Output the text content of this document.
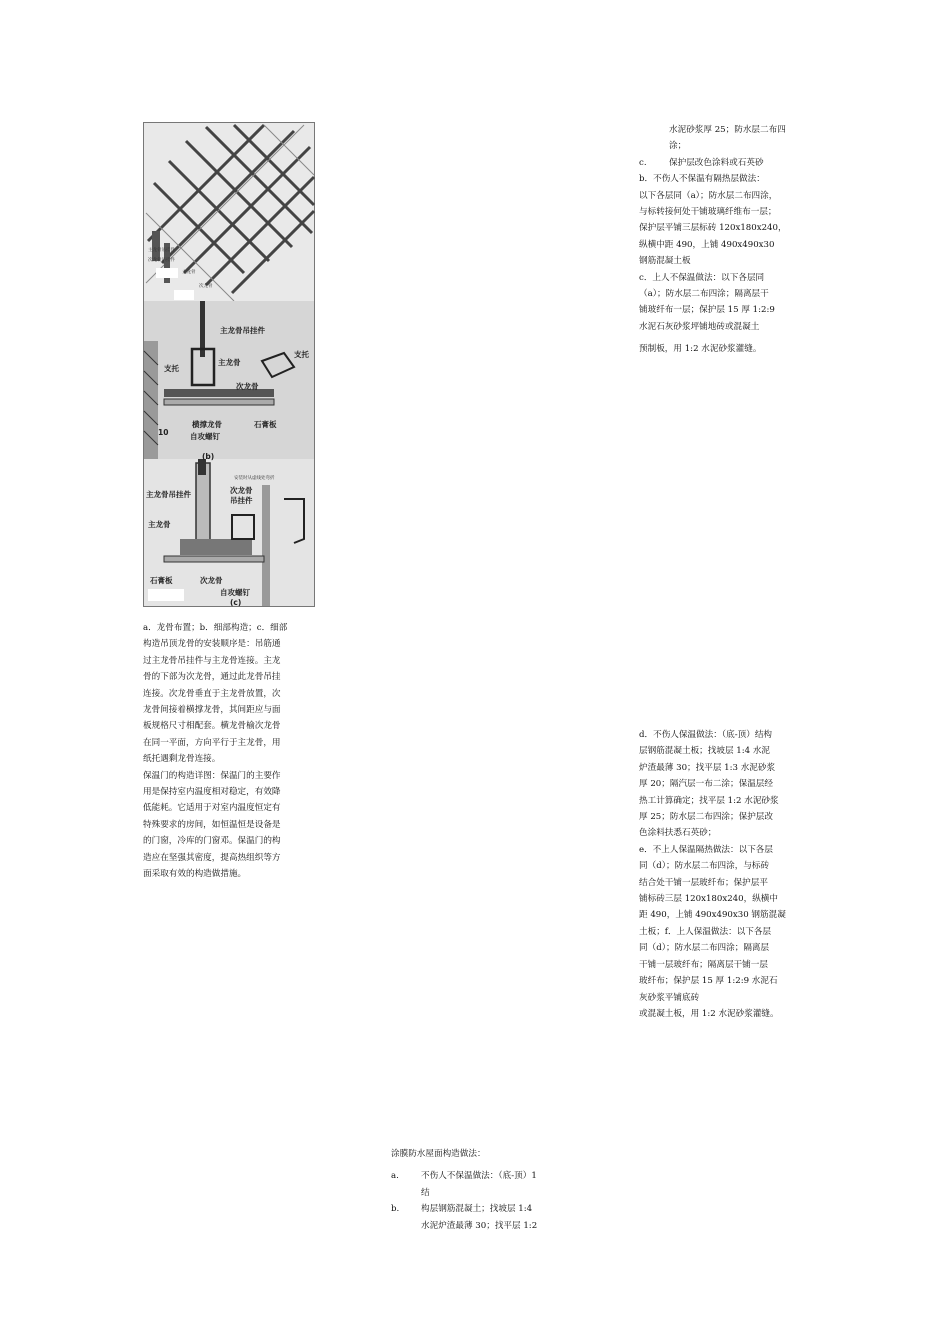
主龙骨吊挂件
次龙骨吊挂件
主龙骨
次龙骨
主龙骨吊挂件
主龙骨
支托
次龙骨
横撑龙骨
自攻螺钉
石膏板
支托
10
(b)
安装时从虚线处弯折
主龙骨吊挂件	次龙骨
吊挂件
主龙骨
石膏板	次龙骨
自攻螺钉
(c)
a．龙骨布置；b．细部构造；c．细部
构造吊顶龙骨的安装顺序是：吊筋通
过主龙骨吊挂件与主龙骨连接。主龙
骨的下部为次龙骨，通过此龙骨吊挂
连接。次龙骨垂直于主龙骨放置，次
龙骨间接着横撑龙骨，其间距应与面
板规格尺寸相配套。横龙骨榆次龙骨
在同一平面，方向平行于主龙骨，用
纸托遇剩龙骨连接。
保温门的构造详图：保温门的主要作
用是保持室内温度相对稳定，有效降
低能耗。它适用于对室内温度恒定有
特殊要求的房间，如恒温恒是设备是
的门窗，冷库的门窗邓。保温门的构
造应在坚强其密度，提高热组织等方
面采取有效的构造做措施。
水泥砂浆厚 25；防水层二布四
涂；
c.	保护层改色涂料或石英砂
b．不伤人不保温有隔热层做法：
以下各层同（a）；防水层二布四涂，
与标转接何处干铺玻璃纤维布一层；
保护层平铺三层标砖 120x180x240，
纵横中距 490，上铺 490x490x30
钢筋混凝土板
c．上人不保温做法：以下各层同
（a）；防水层二布四涂；隔离层干
铺玻纤布一层；保护层 15 厚 1:2:9
水泥石灰砂浆坪铺地砖或混凝土
预制板，用 1:2 水泥砂浆灌缝。
d．不伤人保温做法：（底-顶）结构
层钢筋混凝土板；找坡层 1:4 水泥
炉渣最薄 30；找平层 1:3 水泥砂浆
厚 20；隔汽层一布二涂；保温层经
热工计算确定；找平层 1:2 水泥砂浆
厚 25；防水层二布四涂；保护层改
色涂料扶悉石英砂；
e．不上人保温隔热做法：以下各层
同（d）；防水层二布四涂，与标砖
结合处干铺一层玻纤布；保护层平
铺标砖三层 120x180x240，纵横中
距 490，上铺 490x490x30 钢筋混凝
土板；f．上人保温做法：以下各层
同（d）；防水层二布四涂；隔离层
干铺一层玻纤布；隔离层干铺一层
玻纤布；保护层 15 厚 1:2:9 水泥石
灰砂浆平铺底砖
或混凝土板，用 1:2 水泥砂浆灌缝。
涂膜防水屋面构造做法：
a.	不伤人不保温做法：（底-顶）1
结
b.	构层钢筋混凝土；找坡层 1:4
水泥炉渣最薄 30；找平层 1:2
